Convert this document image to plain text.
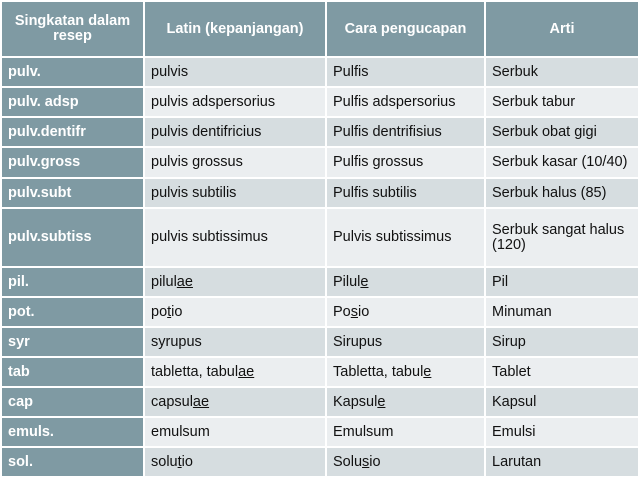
Singkatan dalam resep	Latin (kepanjangan)	Cara pengucapan	Arti
pulv.	pulvis	Pulfis	Serbuk
pulv. adsp	pulvis adspersorius	Pulfis adspersorius	Serbuk tabur
pulv.dentifr	pulvis dentifricius	Pulfis dentrifisius	Serbuk obat gigi
pulv.gross	pulvis grossus	Pulfis grossus	Serbuk kasar (10/40)
pulv.subt	pulvis subtilis	Pulfis subtilis	Serbuk halus (85)
pulv.subtiss	pulvis subtissimus	Pulvis subtissimus	Serbuk sangat halus (120)
pil.	pilulae	Pilule	Pil
pot.	potio	Posio	Minuman
syr	syrupus	Sirupus	Sirup
tab	tabletta, tabulae	Tabletta, tabule	Tablet
cap	capsulae	Kapsule	Kapsul
emuls.	emulsum	Emulsum	Emulsi
sol.	solutio	Solusio	Larutan
